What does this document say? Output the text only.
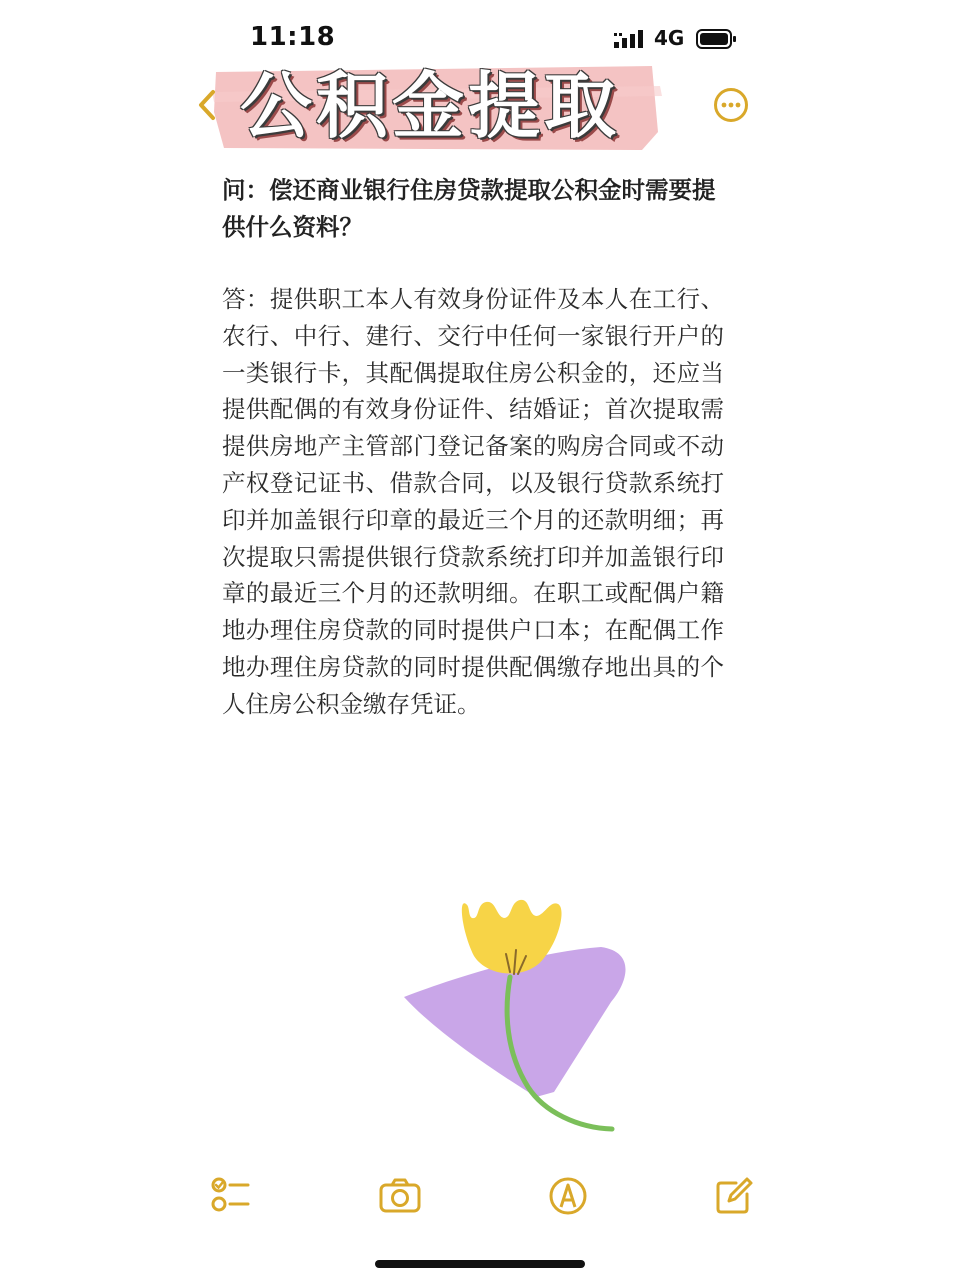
11:18	4G
公积金提取

问：偿还商业银行住房贷款提取公积金时需要提供什么资料？

答：提供职工本人有效身份证件及本人在工行、农行、中行、建行、交行中任何一家银行开户的一类银行卡，其配偶提取住房公积金的，还应当提供配偶的有效身份证件、结婚证；首次提取需提供房地产主管部门登记备案的购房合同或不动产权登记证书、借款合同，以及银行贷款系统打印并加盖银行印章的最近三个月的还款明细；再次提取只需提供银行贷款系统打印并加盖银行印章的最近三个月的还款明细。在职工或配偶户籍地办理住房贷款的同时提供户口本；在配偶工作地办理住房贷款的同时提供配偶缴存地出具的个人住房公积金缴存凭证。
